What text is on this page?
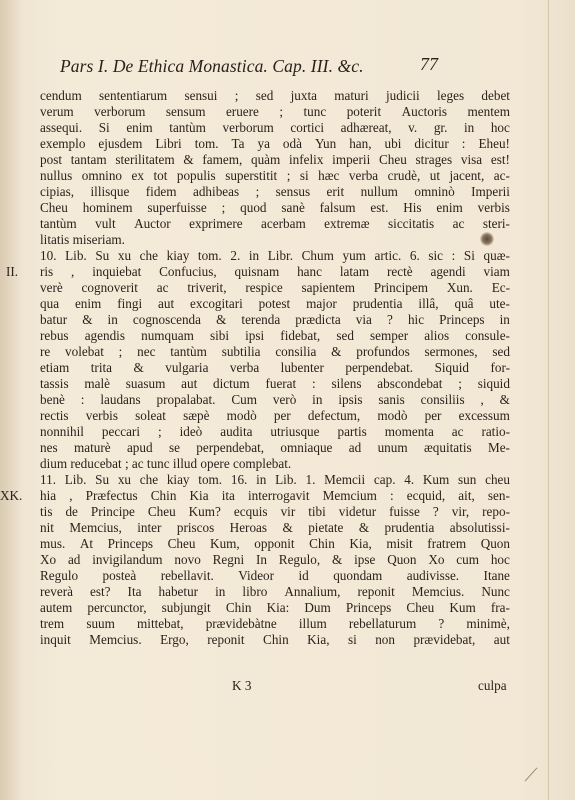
Pars I. De Ethica Monastica. Cap. III. &c.	77
II.
XK.
cendum sententiarum sensui ; sed juxta maturi judicii leges debet
verum verborum sensum eruere ; tunc poterit Auctoris mentem
assequi. Si enim tantùm verborum cortici adhæreat, v. gr. in hoc
exemplo ejusdem Libri tom. Ta ya odà Yun han, ubi dicitur : Eheu!
post tantam sterilitatem & famem, quàm infelix imperii Cheu strages visa est!
nullus omnino ex tot populis superstitit ; si hæc verba crudè, ut jacent, ac-
cipias, illisque fidem adhibeas ; sensus erit nullum omninò Imperii
Cheu hominem superfuisse ; quod sanè falsum est. His enim verbis
tantùm vult Auctor exprimere acerbam extremæ siccitatis ac steri-
litatis miseriam.
10. Lib. Su xu che kiay tom. 2. in Libr. Chum yum artic. 6. sic : Si quæ-
ris , inquiebat Confucius, quisnam hanc latam rectè agendi viam
verè cognoverit ac triverit, respice sapientem Principem Xun. Ec-
qua enim fingi aut excogitari potest major prudentia illâ, quâ ute-
batur & in cognoscenda & terenda prædicta via ? hic Princeps in
rebus agendis numquam sibi ipsi fidebat, sed semper alios consule-
re volebat ; nec tantùm subtilia consilia & profundos sermones, sed
etiam trita & vulgaria verba lubenter perpendebat. Siquid for-
tassis malè suasum aut dictum fuerat : silens abscondebat ; siquid
benè : laudans propalabat. Cum verò in ipsis sanis consiliis , &
rectis verbis soleat sæpè modò per defectum, modò per excessum
nonnihil peccari ; ideò audita utriusque partis momenta ac ratio-
nes maturè apud se perpendebat, omniaque ad unum æquitatis Me-
dium reducebat ; ac tunc illud opere complebat.
11. Lib. Su xu che kiay tom. 16. in Lib. 1. Memcii cap. 4. Kum sun cheu
hia , Præfectus Chin Kia ita interrogavit Memcium : ecquid, ait, sen-
tis de Principe Cheu Kum? ecquis vir tibi videtur fuisse ? vir, repo-
nit Memcius, inter priscos Heroas & pietate & prudentia absolutissi-
mus. At Princeps Cheu Kum, opponit Chin Kia, misit fratrem Quon
Xo ad invigilandum novo Regni In Regulo, & ipse Quon Xo cum hoc
Regulo posteà rebellavit. Videor id quondam audivisse. Itane
reverà est? Ita habetur in libro Annalium, reponit Memcius. Nunc
autem percunctor, subjungit Chin Kia: Dum Princeps Cheu Kum fra-
trem suum mittebat, prævidebàtne illum rebellaturum ? minimè,
inquit Memcius. Ergo, reponit Chin Kia, si non prævidebat, aut
K 3	culpa
